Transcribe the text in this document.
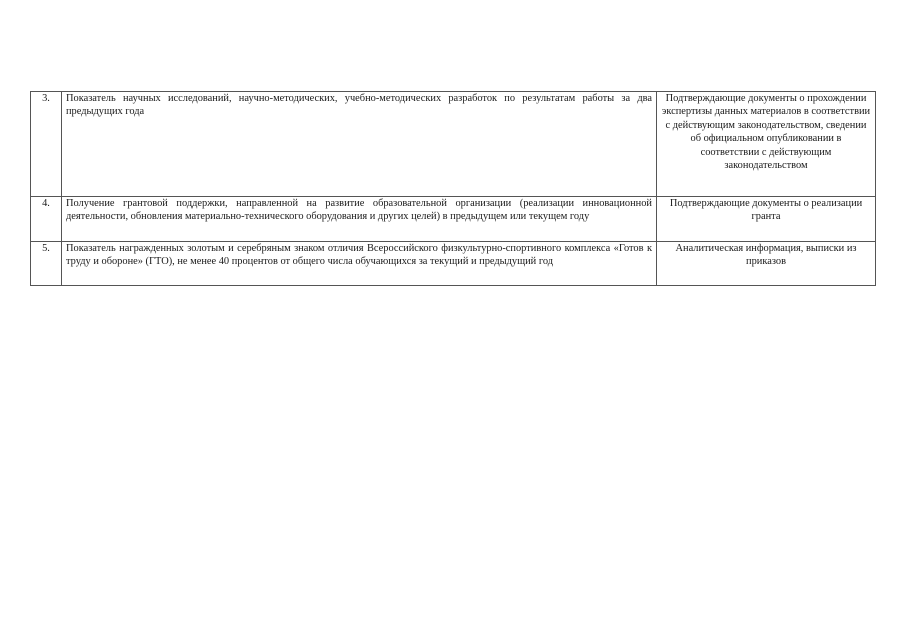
3.	Показатель научных исследований, научно-методических, учебно-методических разработок по результатам работы за два предыдущих года	Подтверждающие документы о прохождении экспертизы данных материалов в соответствии с действующим законодательством, сведении об официальном опубликовании в соответствии с действующим законодательством
4.	Получение грантовой поддержки, направленной на развитие образовательной организации (реализации инновационной деятельности, обновления материально-технического оборудования и других целей) в предыдущем или текущем году	Подтверждающие документы о реализации гранта
5.	Показатель награжденных золотым и серебряным знаком отличия Всероссийского физкультурно-спортивного комплекса «Готов к труду и обороне» (ГТО), не менее 40 процентов от общего числа обучающихся за текущий и предыдущий год	Аналитическая информация, выписки из приказов
